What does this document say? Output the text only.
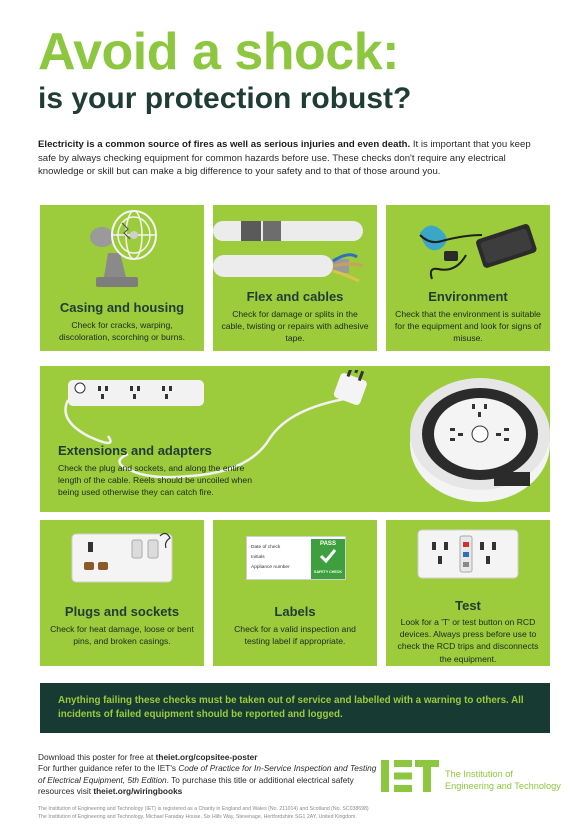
Avoid a shock:
is your protection robust?

Electricity is a common source of fires as well as serious injuries and even death. It is important that you keep safe by always checking equipment for common hazards before use. These checks don't require any electrical knowledge or skill but can make a big difference to your safety and to that of those around you.

Casing and housing
Check for cracks, warping, discoloration, scorching or burns.
Flex and cables
Check for damage or splits in the cable, twisting or repairs with adhesive tape.
Environment
Check that the environment is suitable for the equipment and look for signs of misuse.
Extensions and adapters
Check the plug and sockets, and along the entire length of the cable. Reels should be uncoiled when being used otherwise they can catch fire.
Plugs and sockets
Check for heat damage, loose or bent pins, and broken casings.
Date of check
Initials
Appliance number
PASS
SAFETY CHECK
Labels
Check for a valid inspection and testing label if appropriate.
Test
Look for a 'T' or test button on RCD devices. Always press before use to check the RCD trips and disconnects the equipment.
Anything failing these checks must be taken out of service and labelled with a warning to others. All incidents of failed equipment should be reported and logged.
Download this poster for free at theiet.org/copsitee-poster
For further guidance refer to the IET's Code of Practice for In-Service Inspection and Testing of Electrical Equipment, 5th Edition. To purchase this title or additional electrical safety resources visit theiet.org/wiringbooks
The Institution of
Engineering and Technology
The Institution of Engineering and Technology (IET) is registered as a Charity in England and Wales (No. 211014) and Scotland (No. SC038698)
The Institution of Engineering and Technology, Michael Faraday House, Six Hills Way, Stevenage, Hertfordshire SG1 2AY, United Kingdom.
